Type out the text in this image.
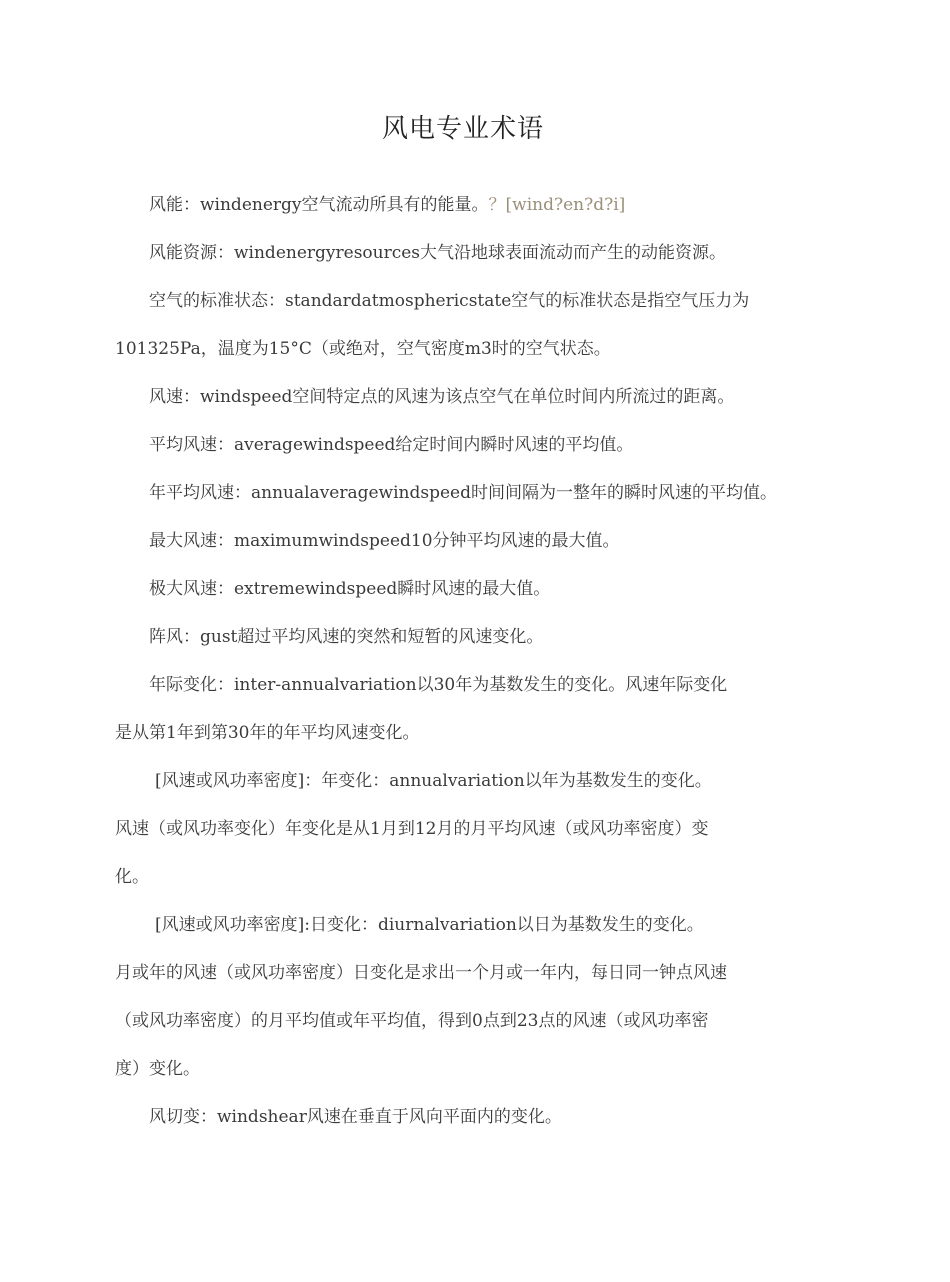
风电专业术语
风能：windenergy空气流动所具有的能量。？[wind?en?d?i]
风能资源：windenergyresources大气沿地球表面流动而产生的动能资源。
空气的标准状态：standardatmosphericstate空气的标准状态是指空气压力为
101325Pa，温度为15°C（或绝对，空气密度m3时的空气状态。
风速：windspeed空间特定点的风速为该点空气在单位时间内所流过的距离。
平均风速：averagewindspeed给定时间内瞬时风速的平均值。
年平均风速：annualaveragewindspeed时间间隔为一整年的瞬时风速的平均值。
最大风速：maximumwindspeed10分钟平均风速的最大值。
极大风速：extremewindspeed瞬时风速的最大值。
阵风：gust超过平均风速的突然和短暂的风速变化。
年际变化：inter-annualvariation以30年为基数发生的变化。风速年际变化
是从第1年到第30年的年平均风速变化。
[风速或风功率密度]：年变化：annualvariation以年为基数发生的变化。
风速（或风功率变化）年变化是从1月到12月的月平均风速（或风功率密度）变
化。
[风速或风功率密度]:日变化：diurnalvariation以日为基数发生的变化。
月或年的风速（或风功率密度）日变化是求出一个月或一年内，每日同一钟点风速
（或风功率密度）的月平均值或年平均值，得到0点到23点的风速（或风功率密
度）变化。
风切变：windshear风速在垂直于风向平面内的变化。
